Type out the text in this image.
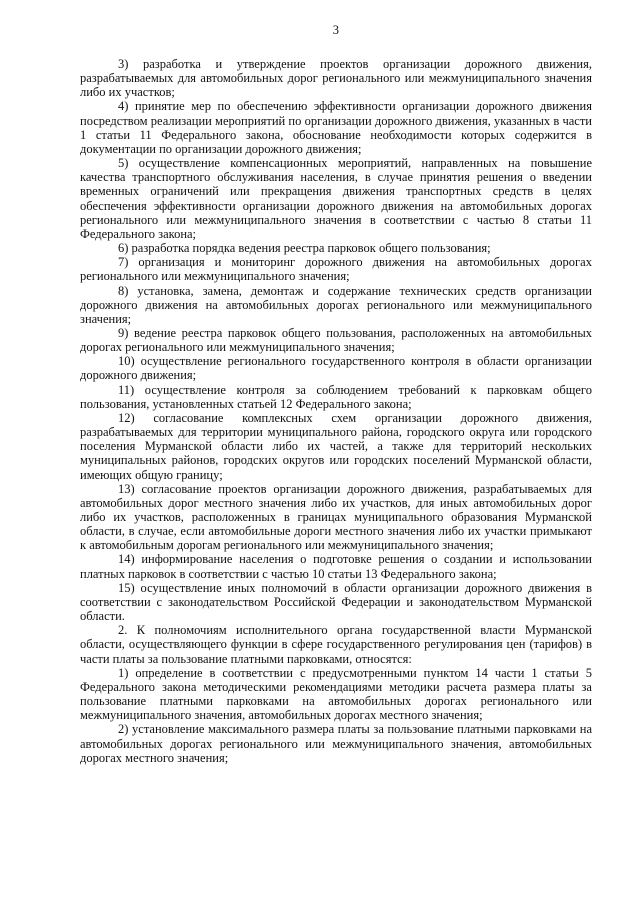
3

3) разработка и утверждение проектов организации дорожного движения, разрабатываемых для автомобильных дорог регионального или межмуниципального значения либо их участков;

4) принятие мер по обеспечению эффективности организации дорожного движения посредством реализации мероприятий по организации дорожного движения, указанных в части 1 статьи 11 Федерального закона, обоснование необходимости которых содержится в документации по организации дорожного движения;

5) осуществление компенсационных мероприятий, направленных на повышение качества транспортного обслуживания населения, в случае принятия решения о введении временных ограничений или прекращения движения транспортных средств в целях обеспечения эффективности организации дорожного движения на автомобильных дорогах регионального или межмуниципального значения в соответствии с частью 8 статьи 11 Федерального закона;

6) разработка порядка ведения реестра парковок общего пользования;

7) организация и мониторинг дорожного движения на автомобильных дорогах регионального или межмуниципального значения;

8) установка, замена, демонтаж и содержание технических средств организации дорожного движения на автомобильных дорогах регионального или межмуниципального значения;

9) ведение реестра парковок общего пользования, расположенных на автомобильных дорогах регионального или межмуниципального значения;

10) осуществление регионального государственного контроля в области организации дорожного движения;

11) осуществление контроля за соблюдением требований к парковкам общего пользования, установленных статьей 12 Федерального закона;

12) согласование комплексных схем организации дорожного движения, разрабатываемых для территории муниципального района, городского округа или городского поселения Мурманской области либо их частей, а также для территорий нескольких муниципальных районов, городских округов или городских поселений Мурманской области, имеющих общую границу;

13) согласование проектов организации дорожного движения, разрабатываемых для автомобильных дорог местного значения либо их участков, для иных автомобильных дорог либо их участков, расположенных в границах муниципального образования Мурманской области, в случае, если автомобильные дороги местного значения либо их участки примыкают к автомобильным дорогам регионального или межмуниципального значения;

14) информирование населения о подготовке решения о создании и использовании платных парковок в соответствии с частью 10 статьи 13 Федерального закона;

15) осуществление иных полномочий в области организации дорожного движения в соответствии с законодательством Российской Федерации и законодательством Мурманской области.

2. К полномочиям исполнительного органа государственной власти Мурманской области, осуществляющего функции в сфере государственного регулирования цен (тарифов) в части платы за пользование платными парковками, относятся:

1) определение в соответствии с предусмотренными пунктом 14 части 1 статьи 5 Федерального закона методическими рекомендациями методики расчета размера платы за пользование платными парковками на автомобильных дорогах регионального или межмуниципального значения, автомобильных дорогах местного значения;

2) установление максимального размера платы за пользование платными парковками на автомобильных дорогах регионального или межмуниципального значения, автомобильных дорогах местного значения;
